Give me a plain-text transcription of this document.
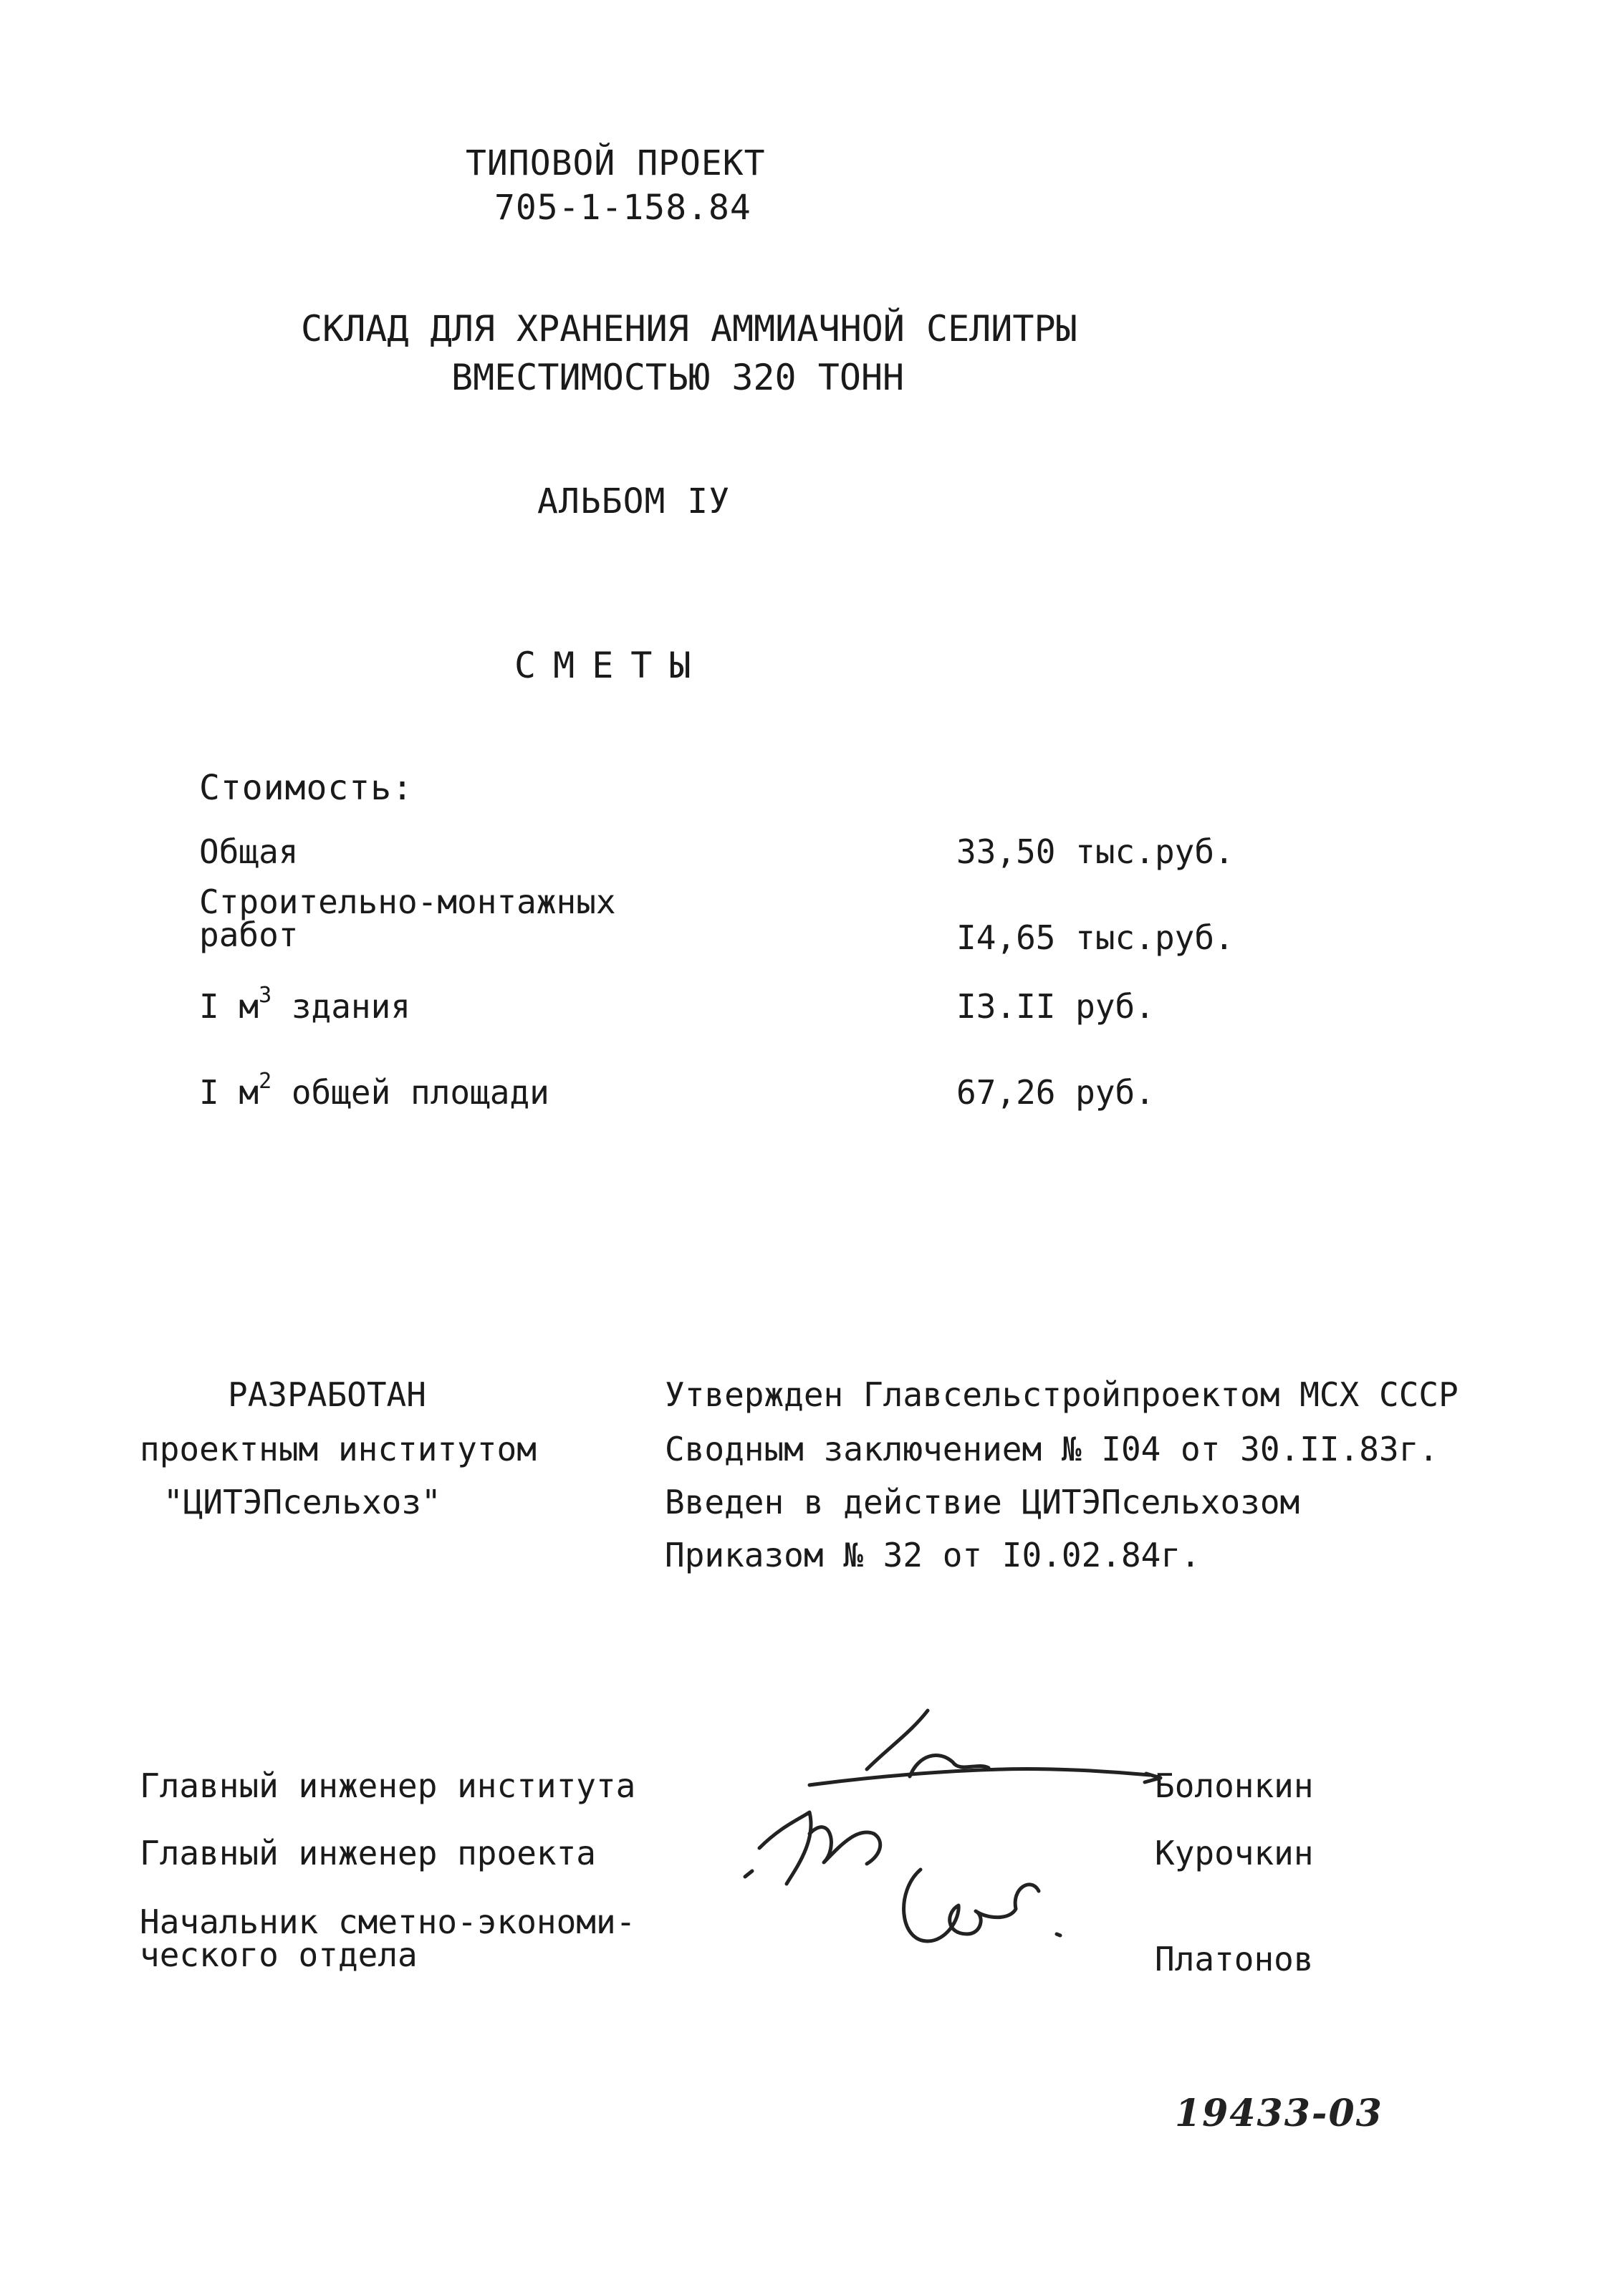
ТИПОВОЙ ПРОЕКТ
705-1-158.84
СКЛАД ДЛЯ ХРАНЕНИЯ АММИАЧНОЙ СЕЛИТРЫ
ВМЕСТИМОСТЬЮ 320 ТОНН
АЛЬБОМ IУ
СМЕТЫ
Стоимость:
Общая	33,50 тыс.руб.
Строительно-монтажных
работ	I4,65 тыс.руб.
I $м^3$ здания	I3.II руб.
I $м^2$ общей площади	67,26 руб.
РАЗРАБОТАН
проектным институтом
"ЦИТЭПсельхоз"
Утвержден Главсельстройпроектом МСХ СССР
Сводным заключением № I04 от 30.II.83г.
Введен в действие ЦИТЭПсельхозом
Приказом № 32 от I0.02.84г.
Главный инженер института	Болонкин
Главный инженер проекта	Курочкин
Начальник сметно-экономи-
ческого отдела	Платонов
19433-03
